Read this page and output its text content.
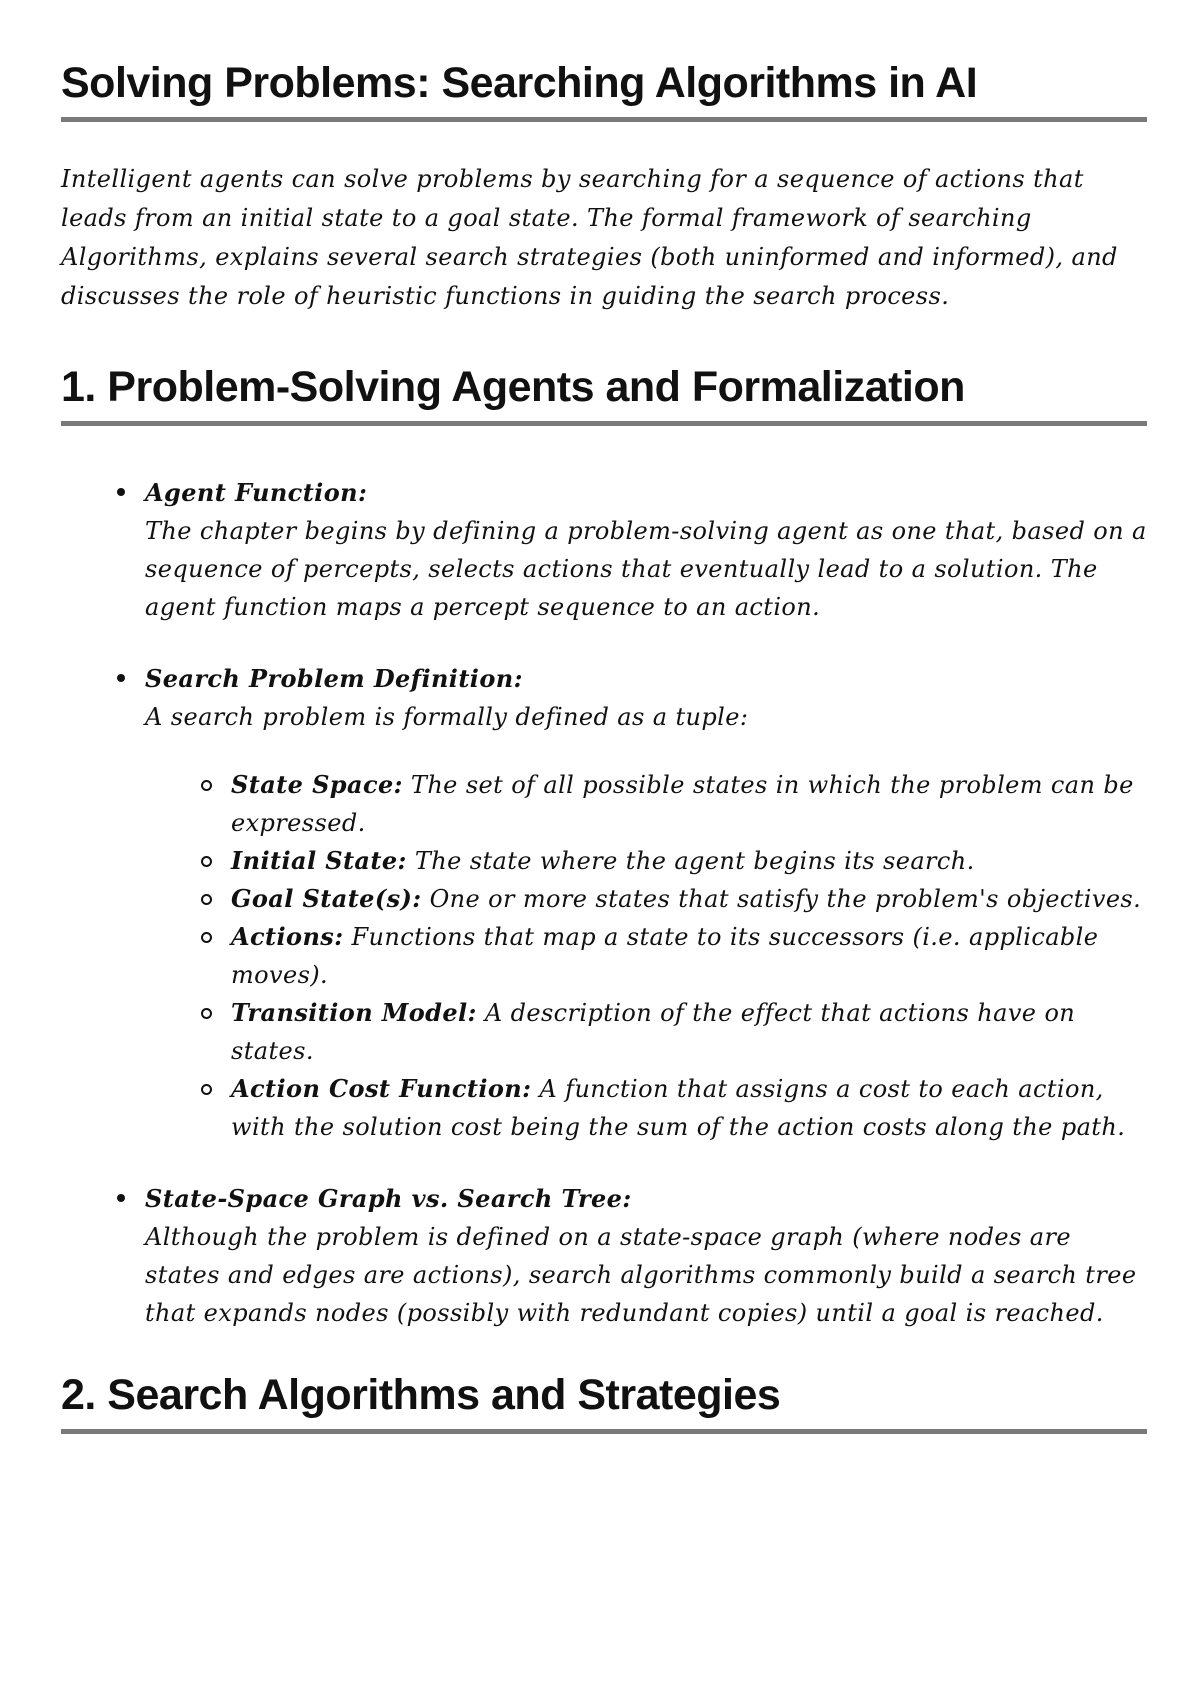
Solving Problems: Searching Algorithms in AI

Intelligent agents can solve problems by searching for a sequence of actions that leads from an initial state to a goal state. The formal framework of searching Algorithms, explains several search strategies (both uninformed and informed), and discusses the role of heuristic functions in guiding the search process.

1. Problem-Solving Agents and Formalization
Agent Function:
The chapter begins by defining a problem-solving agent as one that, based on a sequence of percepts, selects actions that eventually lead to a solution. The agent function maps a percept sequence to an action.
Search Problem Definition:
A search problem is formally defined as a tuple:
State Space: The set of all possible states in which the problem can be expressed.
Initial State: The state where the agent begins its search.
Goal State(s): One or more states that satisfy the problem's objectives.
Actions: Functions that map a state to its successors (i.e. applicable moves).
Transition Model: A description of the effect that actions have on states.
Action Cost Function: A function that assigns a cost to each action, with the solution cost being the sum of the action costs along the path.
State-Space Graph vs. Search Tree:
Although the problem is defined on a state-space graph (where nodes are states and edges are actions), search algorithms commonly build a search tree that expands nodes (possibly with redundant copies) until a goal is reached.
2. Search Algorithms and Strategies
